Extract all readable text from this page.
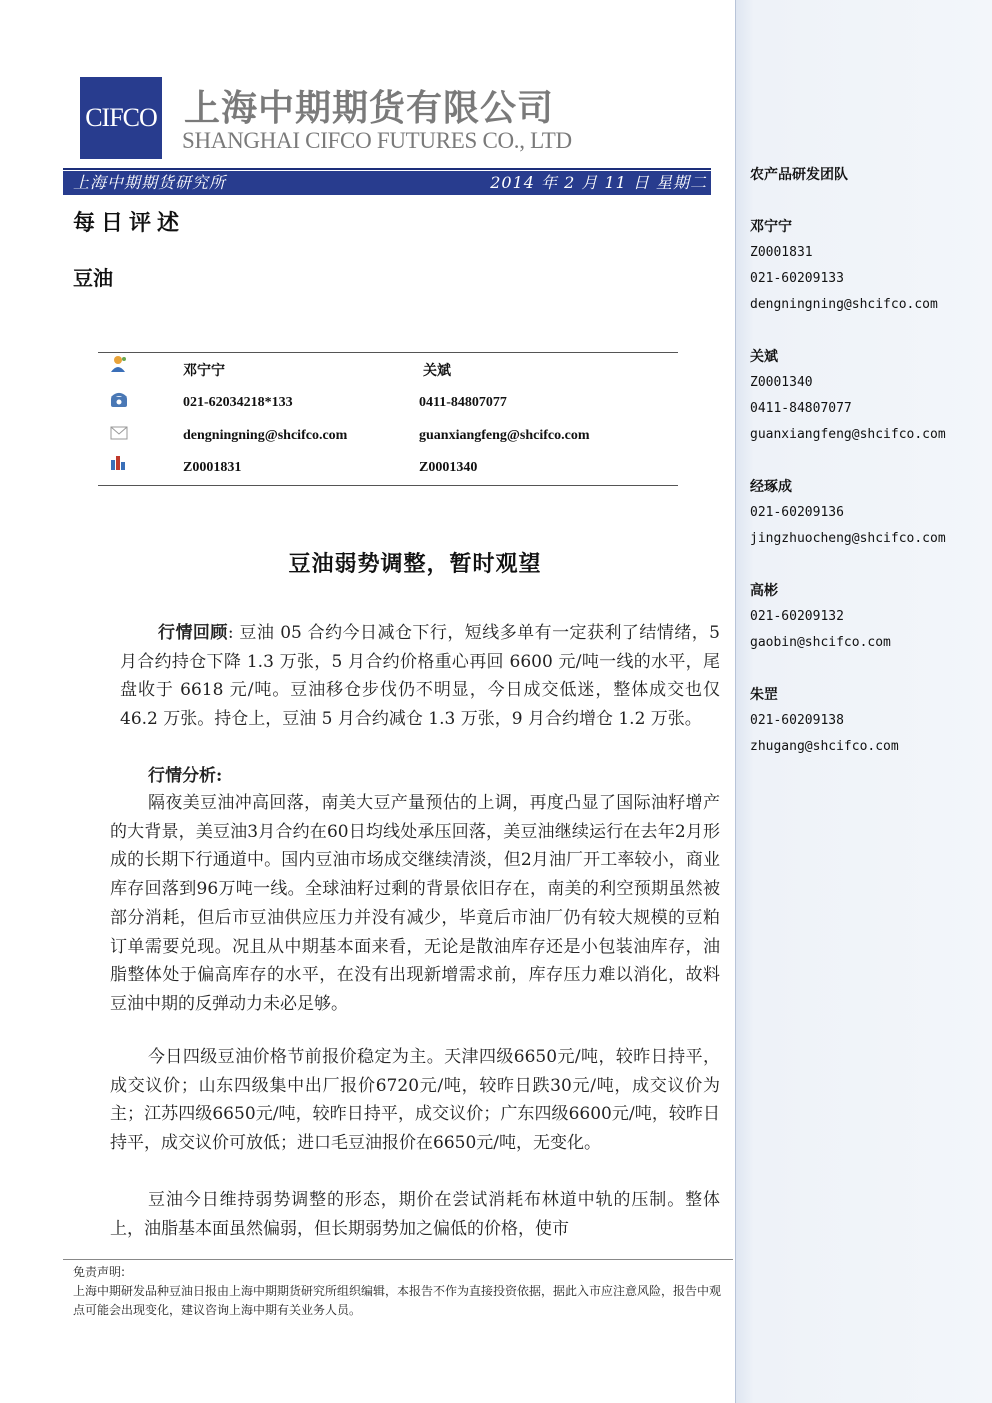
农产品研发团队
邓宁宁
Z0001831
021-60209133
dengningning@shcifco.com
关斌
Z0001340
0411-84807077
guanxiangfeng@shcifco.com
经琢成
021-60209136
jingzhuocheng@shcifco.com
高彬
021-60209132
gaobin@shcifco.com
朱罡
021-60209138
zhugang@shcifco.com
CIFCO 上海中期期货有限公司
SHANGHAI CIFCO FUTURES CO., LTD
上海中期期货研究所	2014 年 2 月 11 日 星期二
每日评述
豆油
邓宁宁	关斌
021-62034218*133	0411-84807077
dengningning@shcifco.com	guanxiangfeng@shcifco.com
Z0001831	Z0001340
豆油弱势调整，暂时观望
行情回顾: 豆油 05 合约今日减仓下行，短线多单有一定获利了结情绪，5 月合约持仓下降 1.3 万张，5 月合约价格重心再回 6600 元/吨一线的水平，尾盘收于 6618 元/吨。豆油移仓步伐仍不明显，今日成交低迷，整体成交也仅 46.2 万张。持仓上，豆油 5 月合约减仓 1.3 万张，9 月合约增仓 1.2 万张。
行情分析:
隔夜美豆油冲高回落，南美大豆产量预估的上调，再度凸显了国际油籽增产的大背景，美豆油3月合约在60日均线处承压回落，美豆油继续运行在去年2月形成的长期下行通道中。国内豆油市场成交继续清淡，但2月油厂开工率较小，商业库存回落到96万吨一线。全球油籽过剩的背景依旧存在，南美的利空预期虽然被部分消耗，但后市豆油供应压力并没有减少，毕竟后市油厂仍有较大规模的豆粕订单需要兑现。况且从中期基本面来看，无论是散油库存还是小包装油库存，油脂整体处于偏高库存的水平，在没有出现新增需求前，库存压力难以消化，故料豆油中期的反弹动力未必足够。
今日四级豆油价格节前报价稳定为主。天津四级6650元/吨，较昨日持平，成交议价；山东四级集中出厂报价6720元/吨，较昨日跌30元/吨，成交议价为主；江苏四级6650元/吨，较昨日持平，成交议价；广东四级6600元/吨，较昨日持平，成交议价可放低；进口毛豆油报价在6650元/吨，无变化。
豆油今日维持弱势调整的形态，期价在尝试消耗布林道中轨的压制。整体上，油脂基本面虽然偏弱，但长期弱势加之偏低的价格，使市
免责声明:
上海中期研发品种豆油日报由上海中期期货研究所组织编辑，本报告不作为直接投资依据，据此入市应注意风险，报告中观点可能会出现变化，建议咨询上海中期有关业务人员。
